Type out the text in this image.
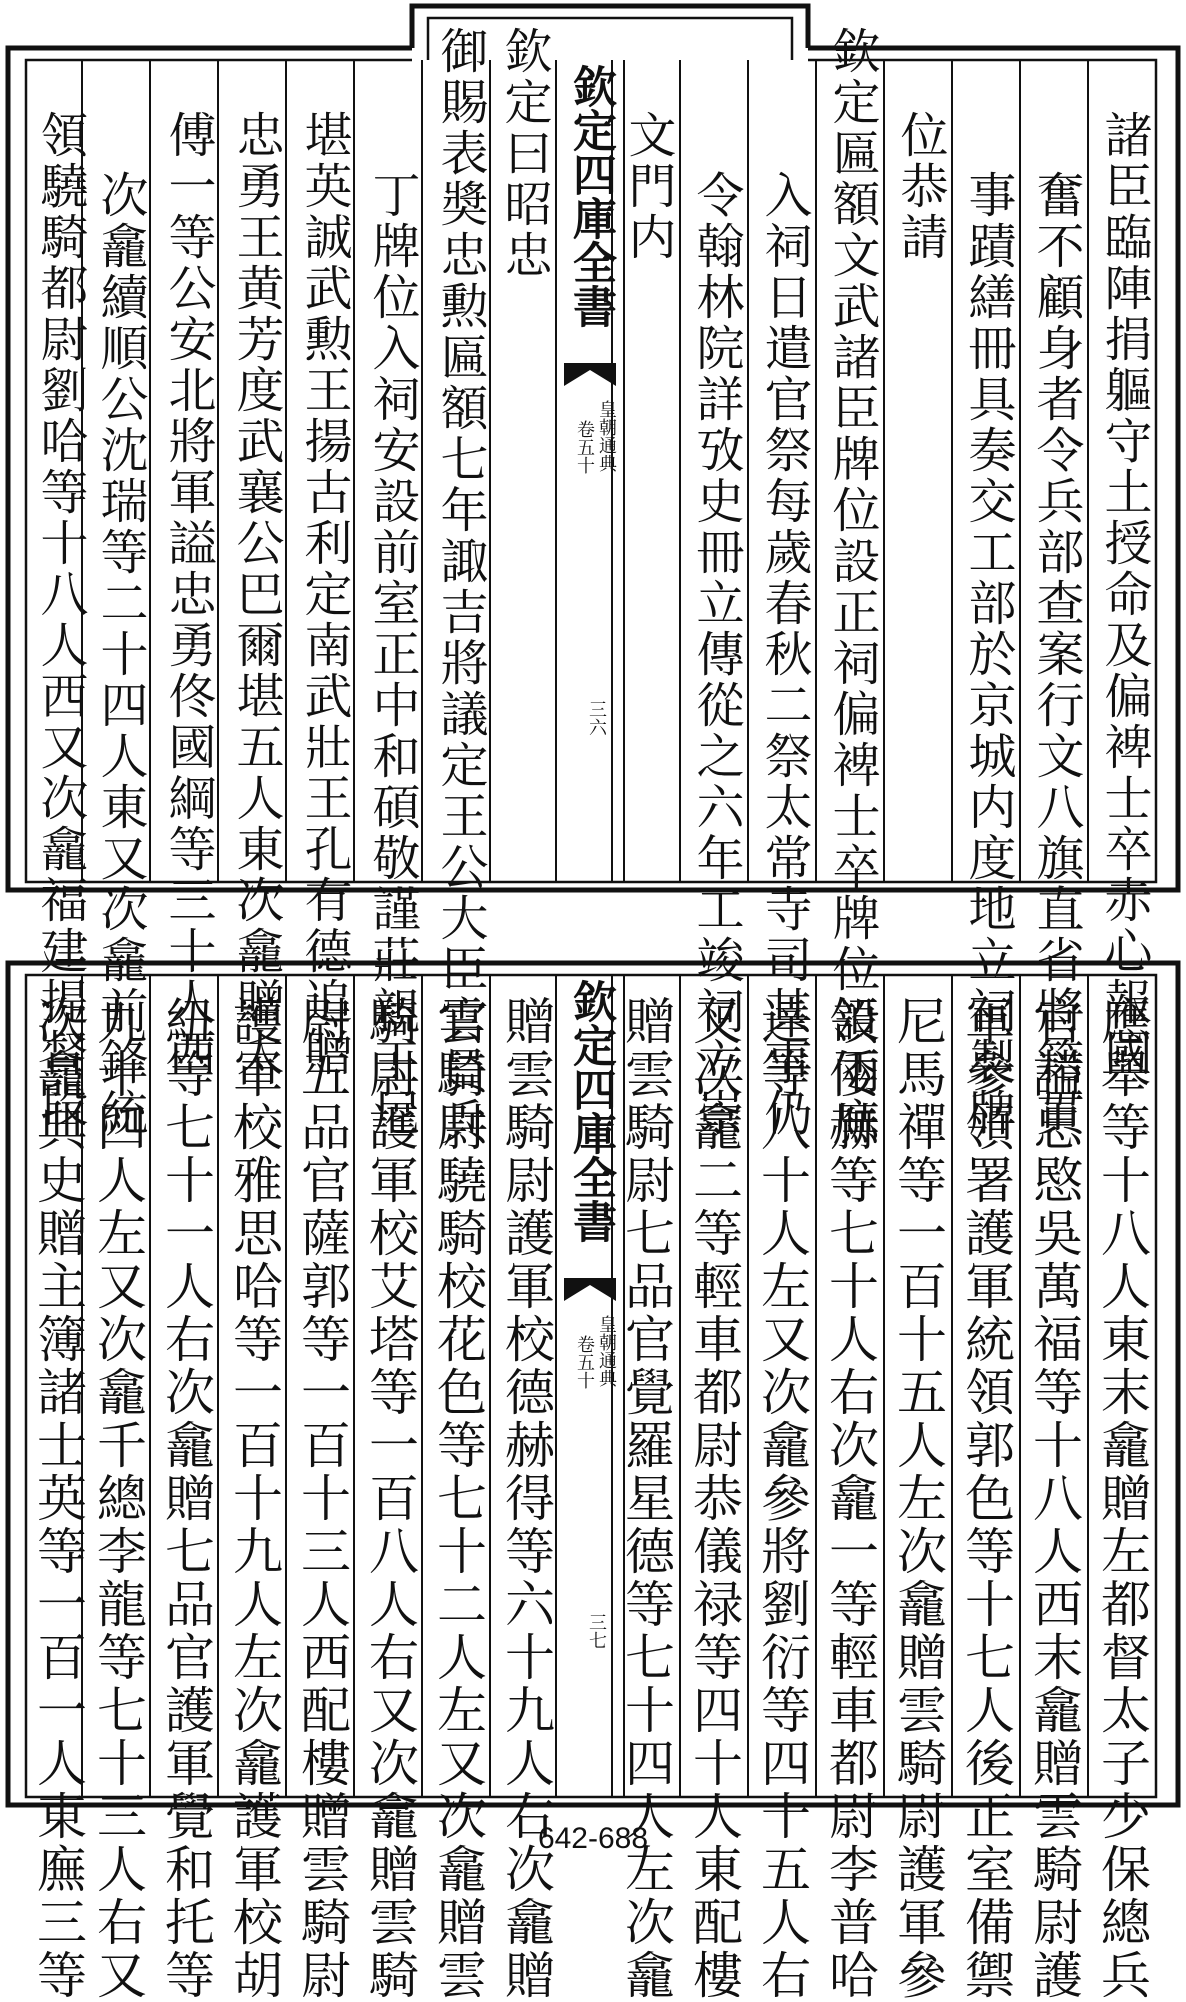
諸臣臨陣捐軀守土授命及偏裨士卒赤心報國
奮不顧身者令兵部查案行文八旗直省將籍貫
事蹟繕冊具奏交工部於京城内度地立祠製牌
位恭請
欽定匾額文武諸臣牌位設正祠偏裨士卒牌位設兩廡
入祠日遣官祭每歲春秋二祭太常寺司其事仍
令翰林院詳攷史冊立傳從之六年工竣祠立崇
文門内
欽定曰昭忠
御賜表奬忠勲匾額七年諏吉將議定王公大臣官員兵
丁牌位入祠安設前室正中和碩敬謹莊親王尼
堪英誠武勲王揚古利定南武壯王孔有德追贈
忠勇王黄芳度武襄公巴爾堪五人東次龕贈太
傅一等公安北將軍謚忠勇佟國綱等三十人西
次龕續順公沈瑞等二十四人東又次龕前鋒統
領驍騎都尉劉哈等十八人西又次龕福建提督段	欽定四庫全書
皇朝通典
卷五十
三六
應舉等十八人東末龕贈左都督太子少保總兵
官謚忠愍吳萬福等十八人西末龕贈雲騎尉護
軍參領署護軍統領郭色等十七人後正室備禦
尼馬禪等一百十五人左次龕贈雲騎尉護軍參
領倭赫等七十人右次龕一等輕車都尉李普哈
達等八十人左又次龕參將劉衍等四十五人右
又次龕二等輕車都尉恭儀禄等四十人東配樓
贈雲騎尉七品官覺羅星德等七十四人左次龕
贈雲騎尉護軍校德赫得等六十九人右次龕贈
雲騎尉驍騎校花色等七十二人左又次龕贈雲
騎尉護軍校艾塔等一百八人右又次龕贈雲騎
尉五品官薩郭等一百十三人西配樓贈雲騎尉
護軍校雅思哈等一百十九人左次龕護軍校胡
紐等七十一人右次龕贈七品官護軍覺和托等
九十四人左又次龕千總李龍等七十三人右又
次龕典史贈主簿諸士英等一百一人東廡三等	欽定四庫全書
皇朝通典
卷五十
三七
642-688
